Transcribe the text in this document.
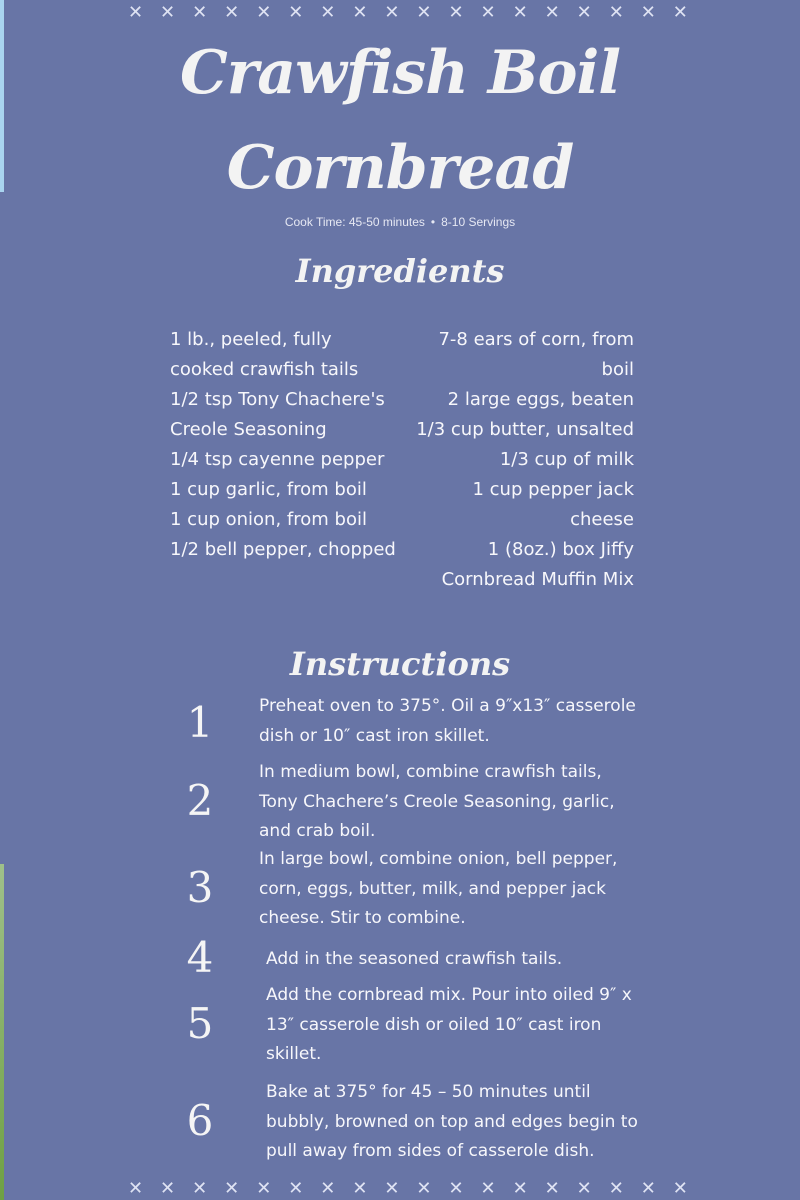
✕ ✕ ✕ ✕ ✕ ✕ ✕ ✕ ✕ ✕ ✕ ✕ ✕ ✕ ✕ ✕ ✕ ✕
Crawfish Boil
Cornbread
Cook Time: 45-50 minutes • 8-10 Servings
Ingredients
1 lb., peeled, fully cooked crawfish tails
1/2 tsp Tony Chachere's Creole Seasoning
1/4 tsp cayenne pepper
1 cup garlic, from boil
1 cup onion, from boil
1/2 bell pepper, chopped
7-8 ears of corn, from boil
2 large eggs, beaten
1/3 cup butter, unsalted
1/3 cup of milk
1 cup pepper jack cheese
1 (8oz.) box Jiffy Cornbread Muffin Mix
Instructions
1	Preheat oven to 375°. Oil a 9″x13″ casserole dish or 10″ cast iron skillet.
2
In medium bowl, combine crawfish tails, Tony Chachere’s Creole Seasoning, garlic, and crab boil.
3
In large bowl, combine onion, bell pepper, corn, eggs, butter, milk, and pepper jack cheese. Stir to combine.
4	Add in the seasoned crawfish tails.
5
Add the cornbread mix. Pour into oiled 9″ x 13″ casserole dish or oiled 10″ cast iron skillet.
6
Bake at 375° for 45 – 50 minutes until bubbly, browned on top and edges begin to pull away from sides of casserole dish.
✕ ✕ ✕ ✕ ✕ ✕ ✕ ✕ ✕ ✕ ✕ ✕ ✕ ✕ ✕ ✕ ✕ ✕
